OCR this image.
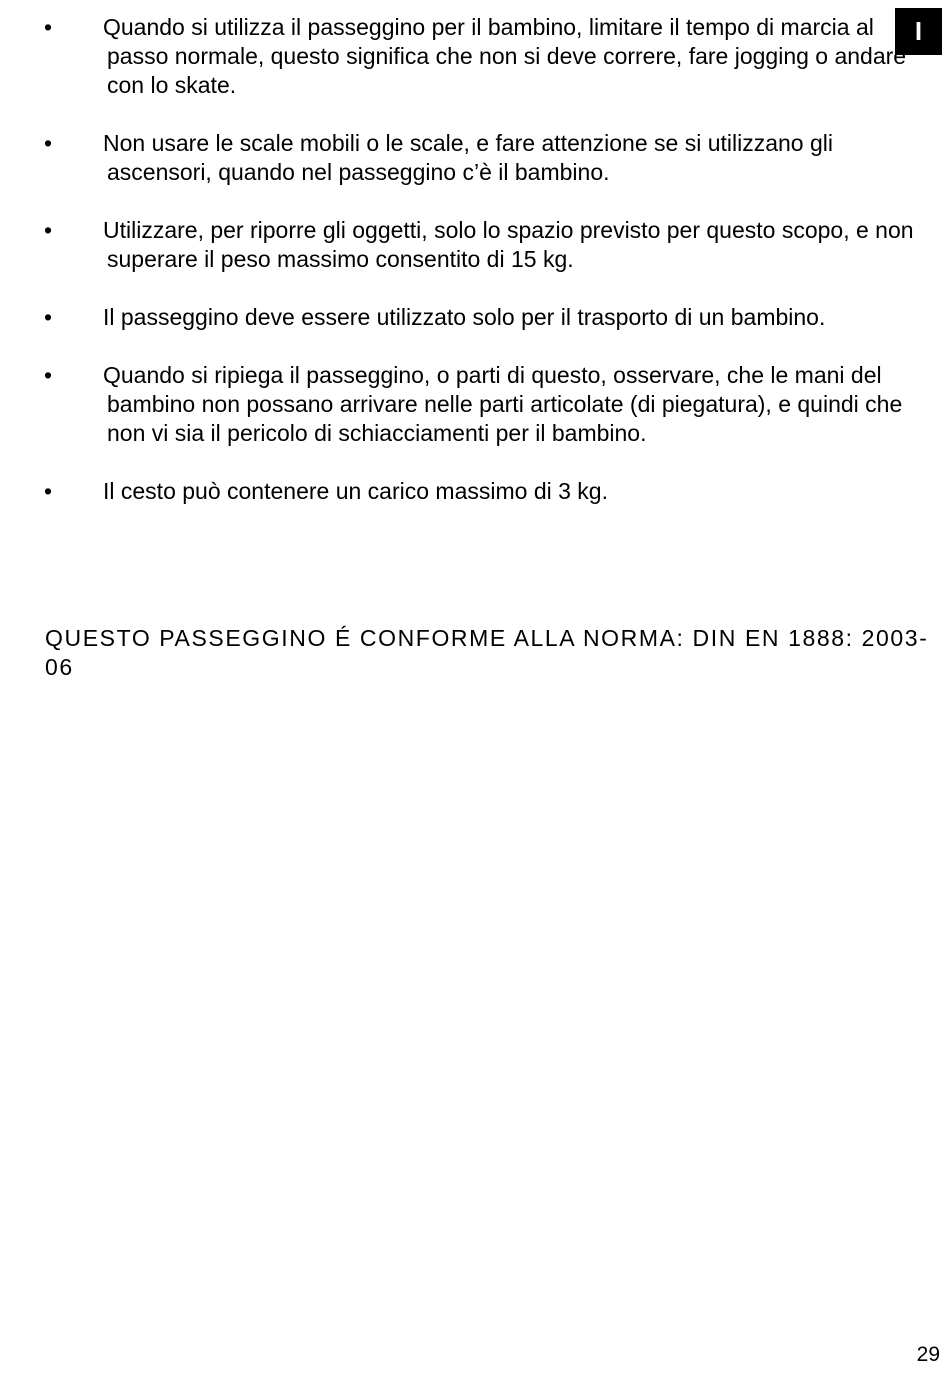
I
• Quando si utilizza il passeggino per il bambino, limitare il tempo di marcia al passo normale, questo significa che non si deve correre, fare jogging o andare con lo skate.
• Non usare le scale mobili o le scale, e fare attenzione se si utilizzano gli ascensori, quando nel passeggino c’è il bambino.
• Utilizzare, per riporre gli oggetti, solo lo spazio previsto per questo scopo, e non superare il peso massimo consentito di 15 kg.
• Il passeggino deve essere utilizzato solo per il trasporto di un bambino.
• Quando si ripiega il passeggino, o parti di questo, osservare, che le mani del bambino non possano arrivare nelle parti articolate (di piegatura), e quindi che non vi sia il pericolo di schiacciamenti per il bambino.
• Il cesto può contenere un carico massimo di 3 kg.

QUESTO PASSEGGINO É CONFORME ALLA NORMA: DIN EN 1888: 2003-06

29
